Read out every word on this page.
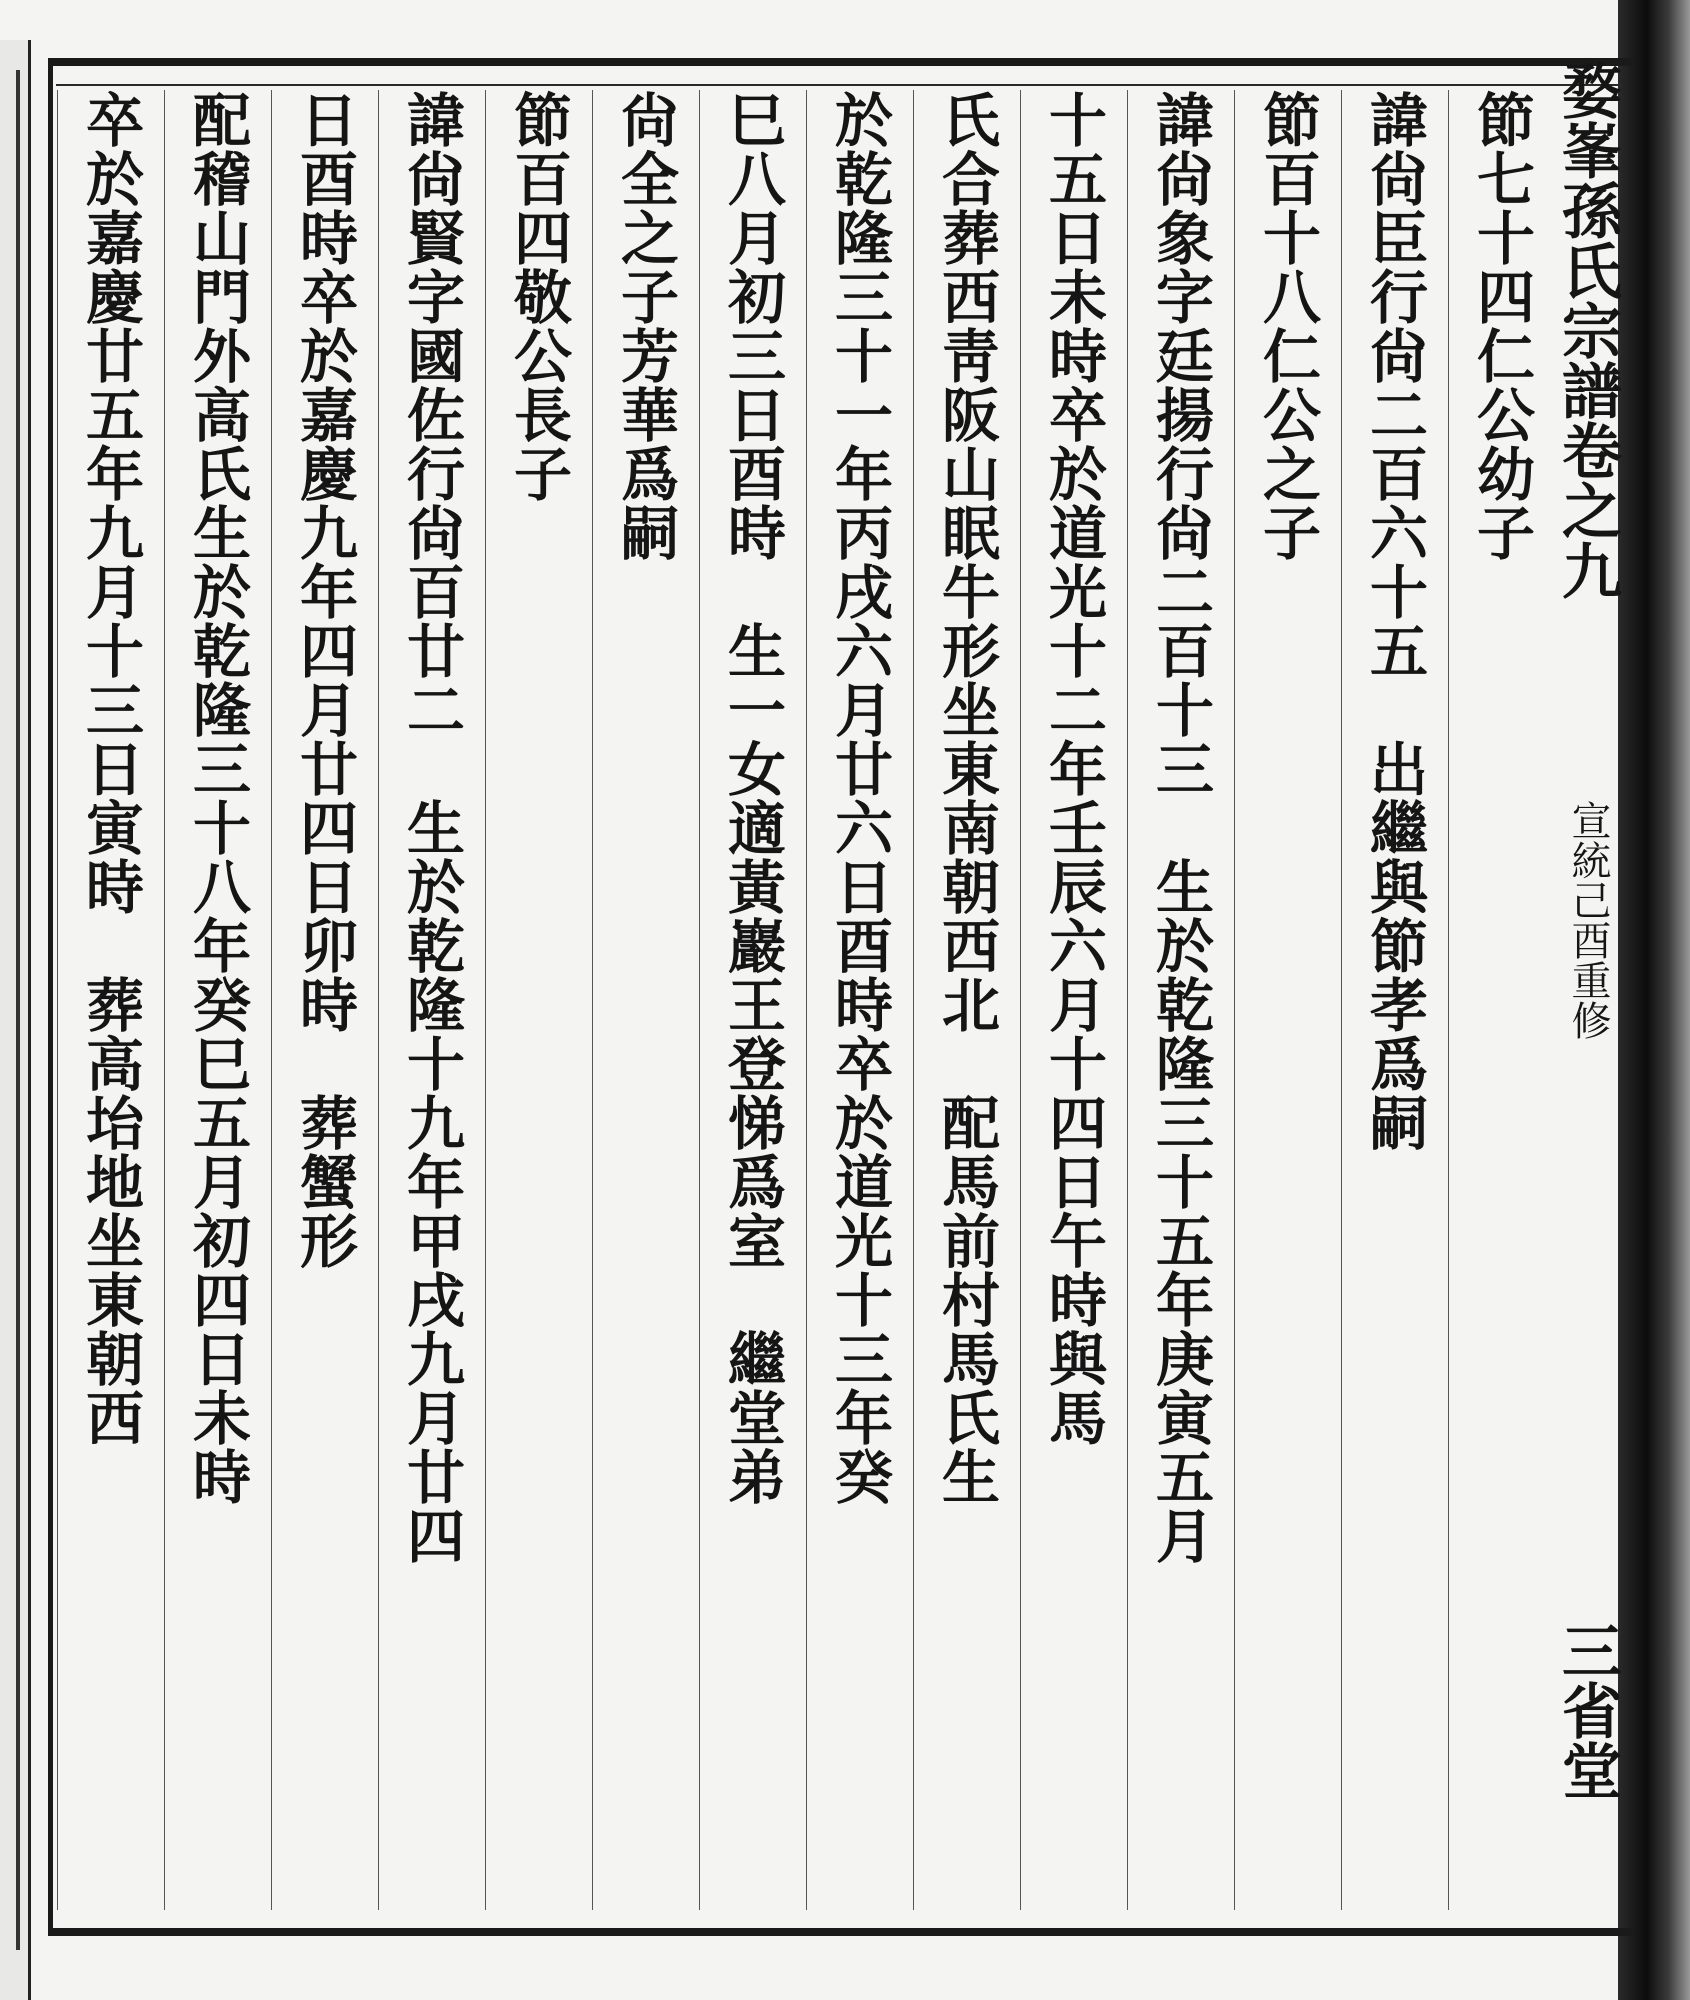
婺峯孫氏宗譜卷之九
宣統己酉重修
三省堂
節七十四仁公幼子
諱尙臣行尙二百六十五　出繼與節孝爲嗣
節百十八仁公之子
諱尙象字廷揚行尙二百十三　生於乾隆三十五年庚寅五月
十五日未時卒於道光十二年壬辰六月十四日午時與馬
氏合葬西靑阪山眠牛形坐東南朝西北　配馬前村馬氏生
於乾隆三十一年丙戌六月廿六日酉時卒於道光十三年癸
巳八月初三日酉時　生一女適黃巖王登悌爲室　繼堂弟
尙全之子芳華爲嗣
節百四敬公長子
諱尙賢字國佐行尙百廿二　生於乾隆十九年甲戌九月廿四
日酉時卒於嘉慶九年四月廿四日卯時　葬蟹形
配稽山門外高氏生於乾隆三十八年癸巳五月初四日未時
卒於嘉慶廿五年九月十三日寅時　葬高坮地坐東朝西
